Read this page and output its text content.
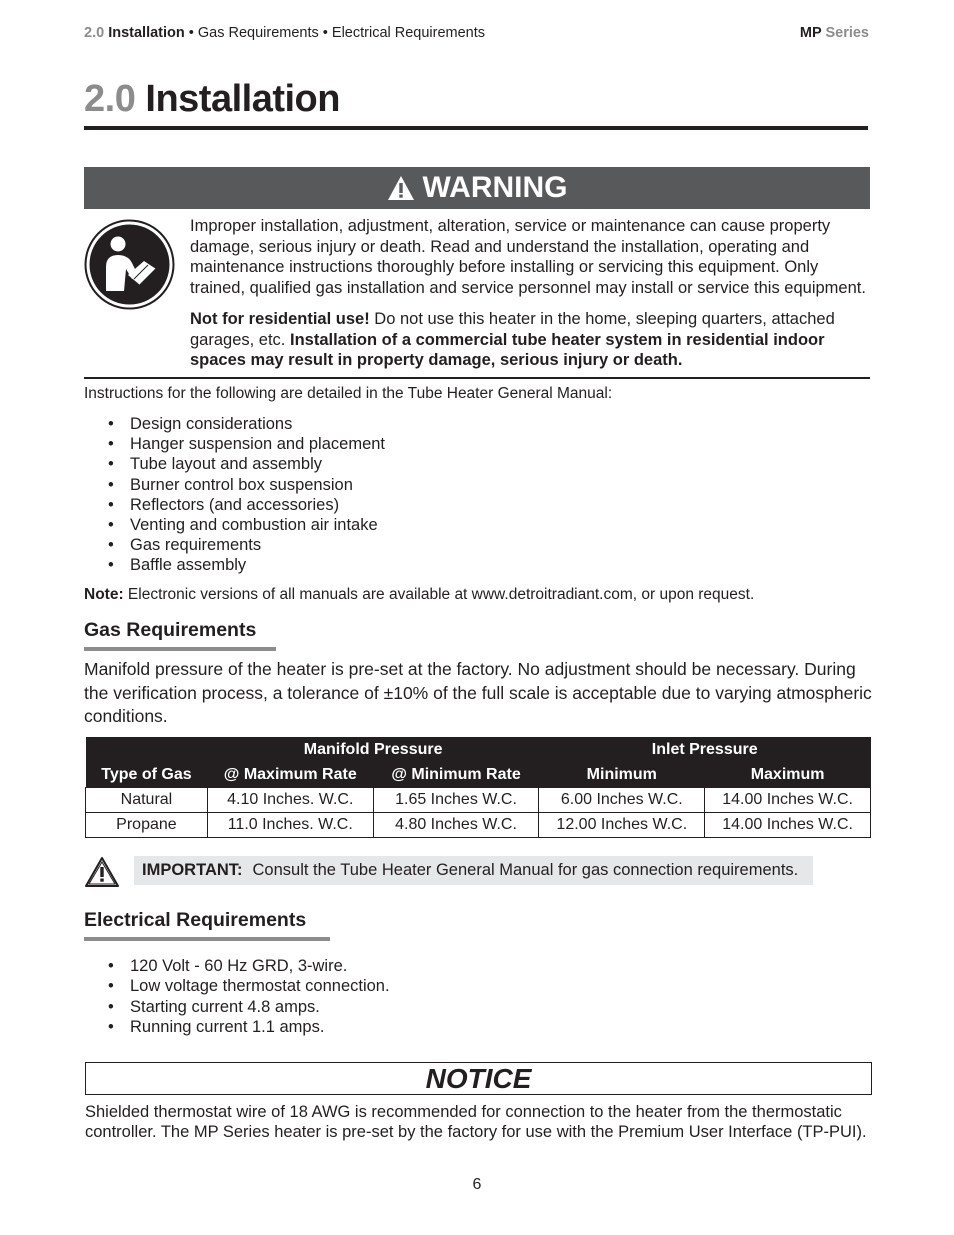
2.0 Installation • Gas Requirements • Electrical Requirements	MP Series
2.0 Installation
WARNING

Improper installation, adjustment, alteration, service or maintenance can cause property damage, serious injury or death. Read and understand the installation, operating and maintenance instructions thoroughly before installing or servicing this equipment. Only trained, qualified gas installation and service personnel may install or service this equipment.

Not for residential use! Do not use this heater in the home, sleeping quarters, attached garages, etc. Installation of a commercial tube heater system in residential indoor spaces may result in property damage, serious injury or death.

Instructions for the following are detailed in the Tube Heater General Manual:
• Design considerations
• Hanger suspension and placement
• Tube layout and assembly
• Burner control box suspension
• Reflectors (and accessories)
• Venting and combustion air intake
• Gas requirements
• Baffle assembly
Note: Electronic versions of all manuals are available at www.detroitradiant.com, or upon request.
Gas Requirements
Manifold pressure of the heater is pre-set at the factory. No adjustment should be necessary. During the verification process, a tolerance of ±10% of the full scale is acceptable due to varying atmospheric conditions.
	Manifold Pressure		Inlet Pressure	
Type of Gas	@ Maximum Rate	@ Minimum Rate	Minimum	Maximum
Natural	4.10 Inches. W.C.	1.65 Inches W.C.	6.00 Inches W.C.	14.00 Inches W.C.
Propane	11.0 Inches. W.C.	4.80 Inches W.C.	12.00 Inches W.C.	14.00 Inches W.C.
IMPORTANT: Consult the Tube Heater General Manual for gas connection requirements.
Electrical Requirements
• 120 Volt - 60 Hz GRD, 3-wire.
• Low voltage thermostat connection.
• Starting current 4.8 amps.
• Running current 1.1 amps.
NOTICE
Shielded thermostat wire of 18 AWG is recommended for connection to the heater from the thermostatic controller. The MP Series heater is pre-set by the factory for use with the Premium User Interface (TP-PUI).
6
